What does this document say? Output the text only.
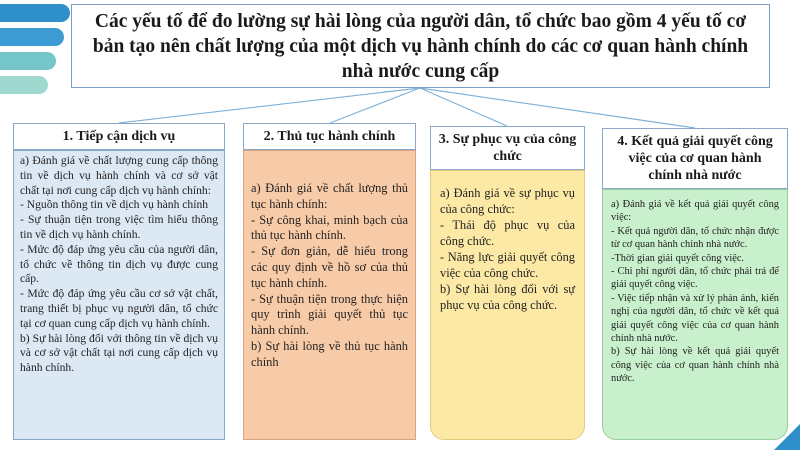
Các yếu tố để đo lường sự hài lòng của người dân, tổ chức bao gồm 4 yếu tố cơ bản tạo nên chất lượng của một dịch vụ hành chính do các cơ quan hành chính nhà nước cung cấp
1. Tiếp cận dịch vụ

a) Đánh giá về chất lượng cung cấp thông tin về dịch vụ hành chính và cơ sở vật chất tại nơi cung cấp dịch vụ hành chính:

- Nguồn thông tin về dịch vụ hành chính

- Sự thuận tiện trong việc tìm hiểu thông tin về dịch vụ hành chính.

- Mức độ đáp ứng yêu cầu của người dân, tổ chức về thông tin dịch vụ được cung cấp.

- Mức độ đáp ứng yêu cầu cơ sở vật chất, trang thiết bị phục vụ người dân, tổ chức tại cơ quan cung cấp dịch vụ hành chính.

b) Sự hài lòng đối với thông tin về dịch vụ và cơ sở vật chất tại nơi cung cấp dịch vụ hành chính.

2. Thủ tục hành chính

a) Đánh giá về chất lượng thủ tục hành chính:

- Sự công khai, minh bạch của thủ tục hành chính.

- Sự đơn giản, dễ hiểu trong các quy định về hồ sơ của thủ tục hành chính.

- Sự thuận tiện trong thực hiện quy trình giải quyết thủ tục hành chính.

b) Sự hài lòng về thủ tục hành chính

3. Sự phục vụ của công chức

a) Đánh giá về sự phục vụ của công chức:

- Thái độ phục vụ của công chức.

- Năng lực giải quyết công việc của công chức.

b) Sự hài lòng đối với sự phục vụ của công chức.

4. Kết quả giải quyết công việc của cơ quan hành chính nhà nước

a) Đánh giá về kết quả giải quyết công việc:

- Kết quả người dân, tổ chức nhận được từ cơ quan hành chính nhà nước.

-Thời gian giải quyết công việc.

- Chi phí người dân, tổ chức phải trả để giải quyết công việc.

- Việc tiếp nhận và xử lý phản ánh, kiến nghị của người dân, tổ chức về kết quả giải quyết công việc của cơ quan hành chính nhà nước.

b) Sự hài lòng về kết quả giải quyết công việc của cơ quan hành chính nhà nước.
